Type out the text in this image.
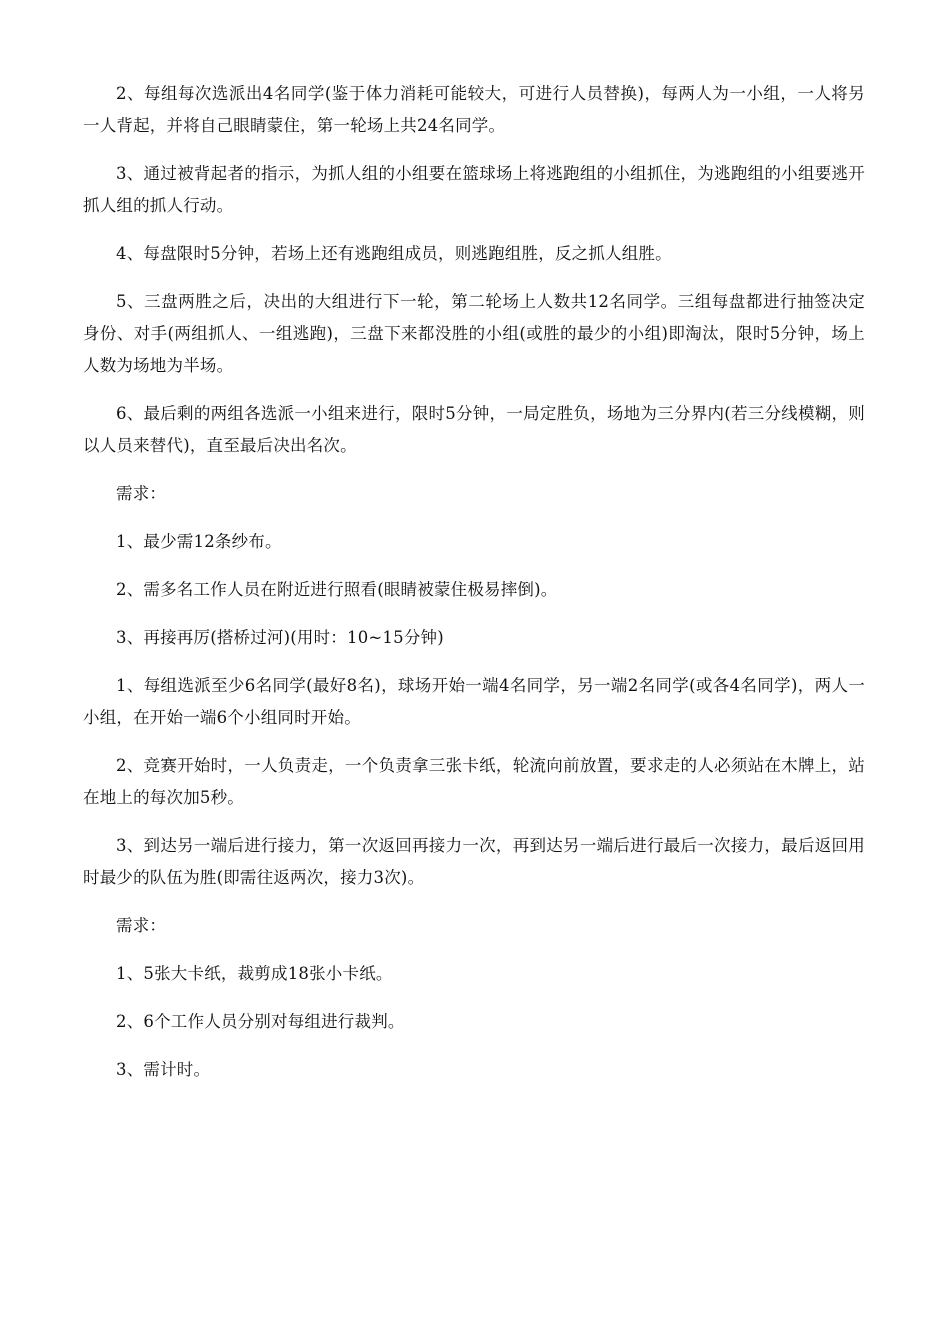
2、每组每次选派出4名同学(鉴于体力消耗可能较大，可进行人员替换)，每两人为一小组，一人将另一人背起，并将自己眼睛蒙住，第一轮场上共24名同学。

3、通过被背起者的指示，为抓人组的小组要在篮球场上将逃跑组的小组抓住，为逃跑组的小组要逃开抓人组的抓人行动。

4、每盘限时5分钟，若场上还有逃跑组成员，则逃跑组胜，反之抓人组胜。

5、三盘两胜之后，决出的大组进行下一轮，第二轮场上人数共12名同学。三组每盘都进行抽签决定身份、对手(两组抓人、一组逃跑)，三盘下来都没胜的小组(或胜的最少的小组)即淘汰，限时5分钟，场上人数为场地为半场。

6、最后剩的两组各选派一小组来进行，限时5分钟，一局定胜负，场地为三分界内(若三分线模糊，则以人员来替代)，直至最后决出名次。

需求：

1、最少需12条纱布。

2、需多名工作人员在附近进行照看(眼睛被蒙住极易摔倒)。

3、再接再厉(搭桥过河)(用时：10~15分钟)

1、每组选派至少6名同学(最好8名)，球场开始一端4名同学，另一端2名同学(或各4名同学)，两人一小组，在开始一端6个小组同时开始。

2、竞赛开始时，一人负责走，一个负责拿三张卡纸，轮流向前放置，要求走的人必须站在木牌上，站在地上的每次加5秒。

3、到达另一端后进行接力，第一次返回再接力一次，再到达另一端后进行最后一次接力，最后返回用时最少的队伍为胜(即需往返两次，接力3次)。

需求：

1、5张大卡纸，裁剪成18张小卡纸。

2、6个工作人员分别对每组进行裁判。

3、需计时。
